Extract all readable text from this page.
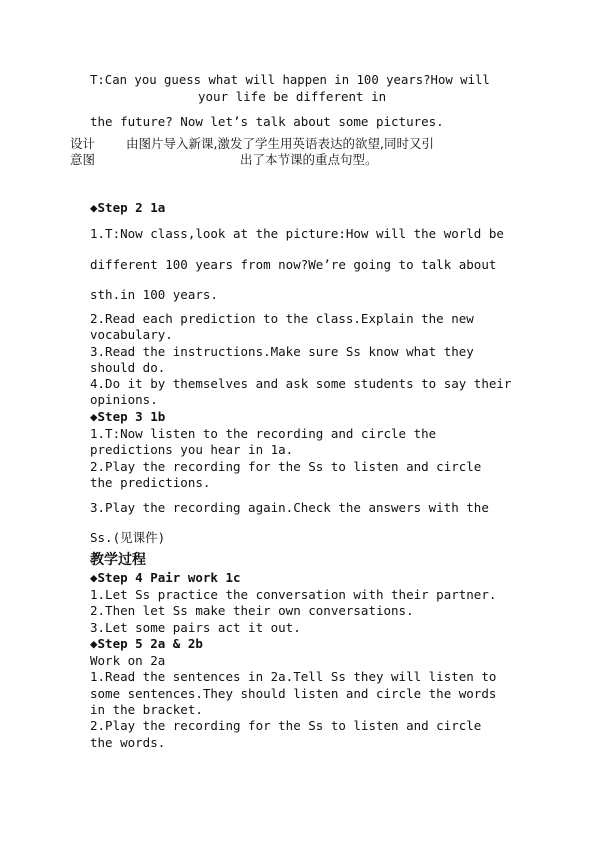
T:Can you guess what will happen in 100 years?How will
your life be different in
the future? Now let’s talk about some pictures.
设计
意图
由图片导入新课,激发了学生用英语表达的欲望,同时又引
出了本节课的重点句型。
◆Step 2 1a
1.T:Now class,look at the picture:How will the world be
different 100 years from now?We’re going to talk about
sth.in 100 years.
2.Read each prediction to the class.Explain the new
vocabulary.
3.Read the instructions.Make sure Ss know what they
should do.
4.Do it by themselves and ask some students to say their
opinions.
◆Step 3 1b
1.T:Now listen to the recording and circle the
predictions you hear in 1a.
2.Play the recording for the Ss to listen and circle
the predictions.
3.Play the recording again.Check the answers with the
Ss.(见课件)
教学过程
◆Step 4 Pair work 1c
1.Let Ss practice the conversation with their partner.
2.Then let Ss make their own conversations.
3.Let some pairs act it out.
◆Step 5 2a & 2b
Work on 2a
1.Read the sentences in 2a.Tell Ss they will listen to
some sentences.They should listen and circle the words
in the bracket.
2.Play the recording for the Ss to listen and circle
the words.
